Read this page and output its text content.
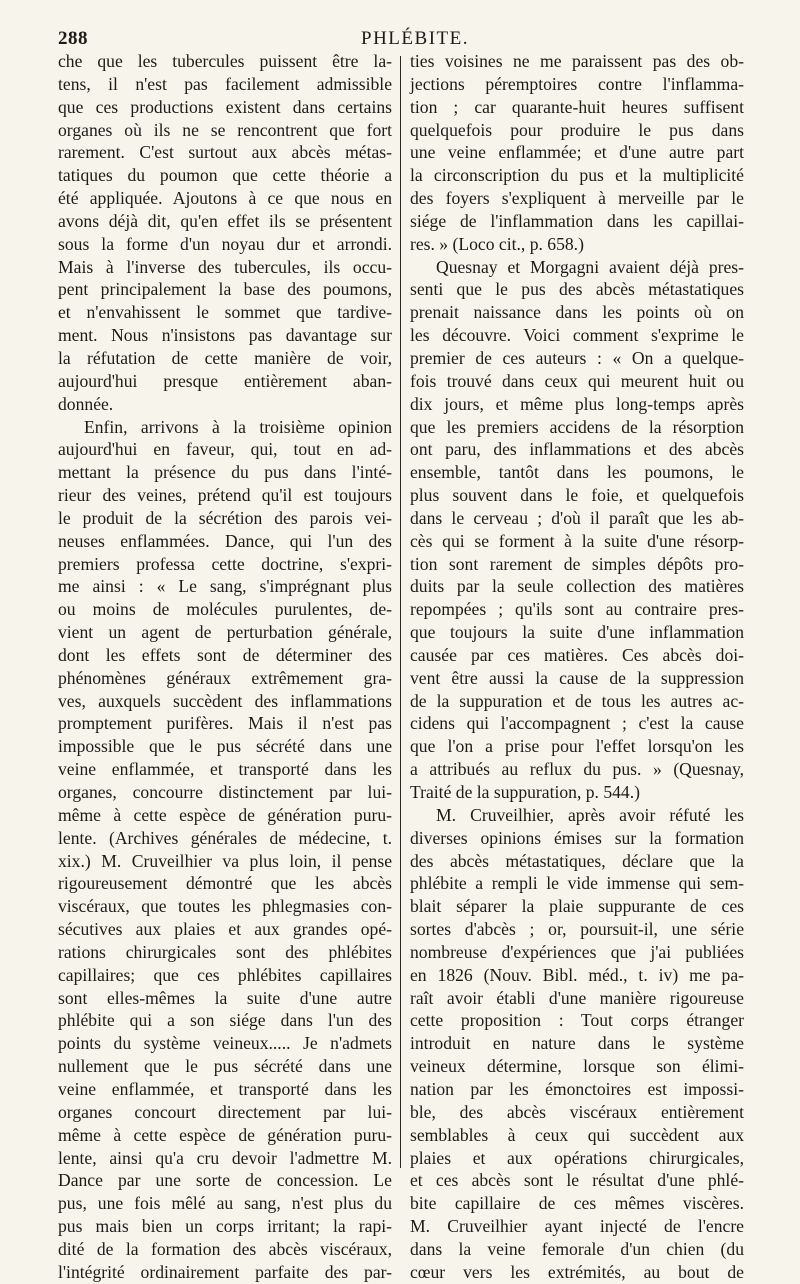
288	PHLÉBITE.
che que les tubercules puissent être la-
tens, il n'est pas facilement admissible
que ces productions existent dans certains
organes où ils ne se rencontrent que fort
rarement. C'est surtout aux abcès métas-
tatiques du poumon que cette théorie a
été appliquée. Ajoutons à ce que nous en
avons déjà dit, qu'en effet ils se présentent
sous la forme d'un noyau dur et arrondi.
Mais à l'inverse des tubercules, ils occu-
pent principalement la base des poumons,
et n'envahissent le sommet que tardive-
ment. Nous n'insistons pas davantage sur
la réfutation de cette manière de voir,
aujourd'hui presque entièrement aban-
donnée.
Enfin, arrivons à la troisième opinion
aujourd'hui en faveur, qui, tout en ad-
mettant la présence du pus dans l'inté-
rieur des veines, prétend qu'il est toujours
le produit de la sécrétion des parois vei-
neuses enflammées. Dance, qui l'un des
premiers professa cette doctrine, s'expri-
me ainsi : « Le sang, s'imprégnant plus
ou moins de molécules purulentes, de-
vient un agent de perturbation générale,
dont les effets sont de déterminer des
phénomènes généraux extrêmement gra-
ves, auxquels succèdent des inflammations
promptement purifères. Mais il n'est pas
impossible que le pus sécrété dans une
veine enflammée, et transporté dans les
organes, concourre distinctement par lui-
même à cette espèce de génération puru-
lente. (Archives générales de médecine, t.
xix.) M. Cruveilhier va plus loin, il pense
rigoureusement démontré que les abcès
viscéraux, que toutes les phlegmasies con-
sécutives aux plaies et aux grandes opé-
rations chirurgicales sont des phlébites
capillaires; que ces phlébites capillaires
sont elles-mêmes la suite d'une autre
phlébite qui a son siége dans l'un des
points du système veineux..... Je n'admets
nullement que le pus sécrété dans une
veine enflammée, et transporté dans les
organes concourt directement par lui-
même à cette espèce de génération puru-
lente, ainsi qu'a cru devoir l'admettre M.
Dance par une sorte de concession. Le
pus, une fois mêlé au sang, n'est plus du
pus mais bien un corps irritant; la rapi-
dité de la formation des abcès viscéraux,
l'intégrité ordinairement parfaite des par-
ties voisines ne me paraissent pas des ob-
jections péremptoires contre l'inflamma-
tion ; car quarante-huit heures suffisent
quelquefois pour produire le pus dans
une veine enflammée; et d'une autre part
la circonscription du pus et la multiplicité
des foyers s'expliquent à merveille par le
siége de l'inflammation dans les capillai-
res. » (Loco cit., p. 658.)
Quesnay et Morgagni avaient déjà pres-
senti que le pus des abcès métastatiques
prenait naissance dans les points où on
les découvre. Voici comment s'exprime le
premier de ces auteurs : « On a quelque-
fois trouvé dans ceux qui meurent huit ou
dix jours, et même plus long-temps après
que les premiers accidens de la résorption
ont paru, des inflammations et des abcès
ensemble, tantôt dans les poumons, le
plus souvent dans le foie, et quelquefois
dans le cerveau ; d'où il paraît que les ab-
cès qui se forment à la suite d'une résorp-
tion sont rarement de simples dépôts pro-
duits par la seule collection des matières
repompées ; qu'ils sont au contraire pres-
que toujours la suite d'une inflammation
causée par ces matières. Ces abcès doi-
vent être aussi la cause de la suppression
de la suppuration et de tous les autres ac-
cidens qui l'accompagnent ; c'est la cause
que l'on a prise pour l'effet lorsqu'on les
a attribués au reflux du pus. » (Quesnay,
Traité de la suppuration, p. 544.)
M. Cruveilhier, après avoir réfuté les
diverses opinions émises sur la formation
des abcès métastatiques, déclare que la
phlébite a rempli le vide immense qui sem-
blait séparer la plaie suppurante de ces
sortes d'abcès ; or, poursuit-il, une série
nombreuse d'expériences que j'ai publiées
en 1826 (Nouv. Bibl. méd., t. iv) me pa-
raît avoir établi d'une manière rigoureuse
cette proposition : Tout corps étranger
introduit en nature dans le système
veineux détermine, lorsque son élimi-
nation par les émonctoires est impossi-
ble, des abcès viscéraux entièrement
semblables à ceux qui succèdent aux
plaies et aux opérations chirurgicales,
et ces abcès sont le résultat d'une phlé-
bite capillaire de ces mêmes viscères.
M. Cruveilhier ayant injecté de l'encre
dans la veine femorale d'un chien (du
cœur vers les extrémités, au bout de
